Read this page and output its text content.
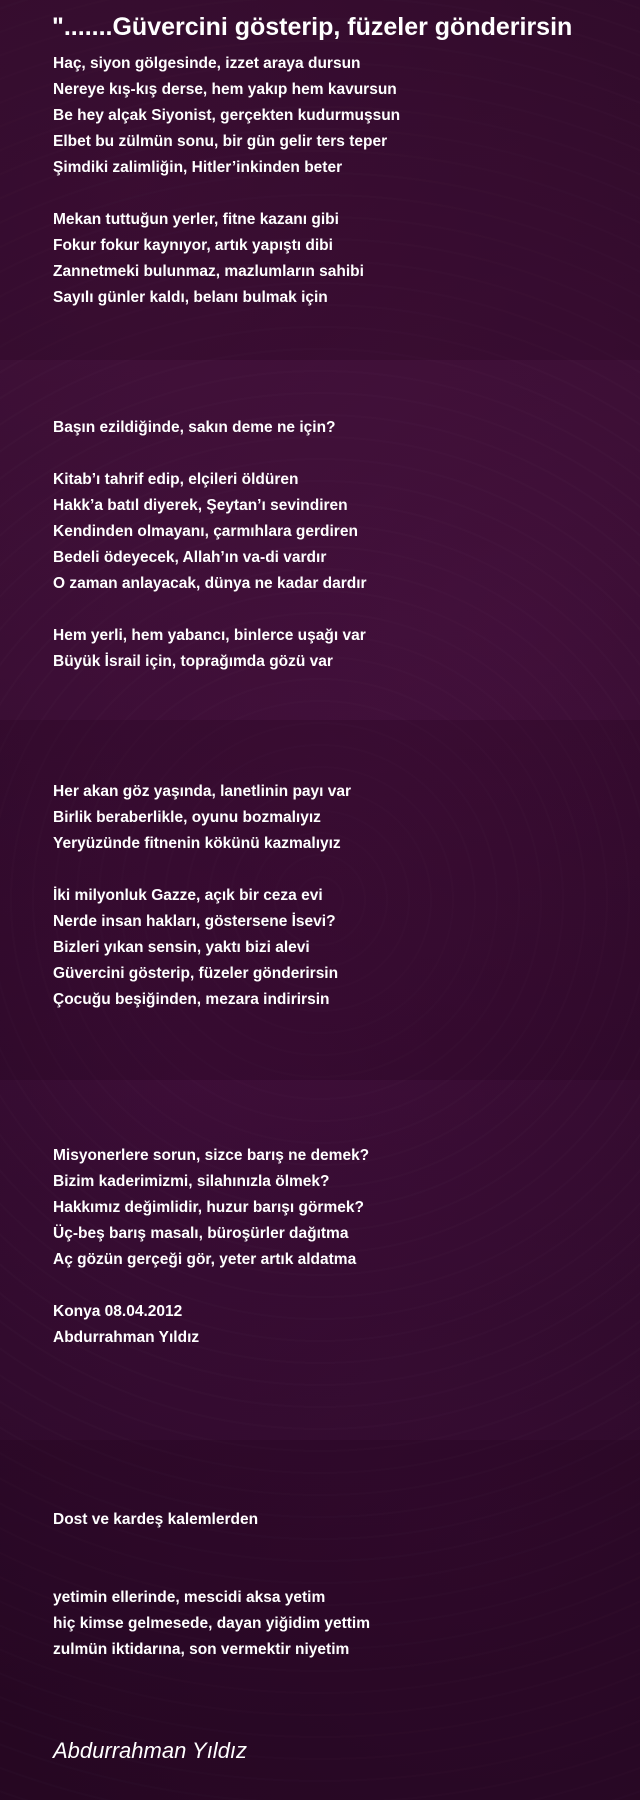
".......Güvercini gösterip, füzeler gönderirsin
Haç, siyon gölgesinde, izzet araya dursun
Nereye kış-kış derse, hem yakıp hem kavursun
Be hey alçak Siyonist, gerçekten kudurmuşsun
Elbet bu zülmün sonu, bir gün gelir ters teper
Şimdiki zalimliğin, Hitler’inkinden beter
Mekan tuttuğun yerler, fitne kazanı gibi
Fokur fokur kaynıyor, artık yapıştı dibi
Zannetmeki bulunmaz, mazlumların sahibi
Sayılı günler kaldı, belanı bulmak için
Başın ezildiğinde, sakın deme ne için?
Kitab’ı tahrif edip, elçileri öldüren
Hakk’a batıl diyerek, Şeytan’ı sevindiren
Kendinden olmayanı, çarmıhlara gerdiren
Bedeli ödeyecek, Allah’ın va-di vardır
O zaman anlayacak, dünya ne kadar dardır
Hem yerli, hem yabancı, binlerce uşağı var
Büyük İsrail için, toprağımda gözü var
Her akan göz yaşında, lanetlinin payı var
Birlik beraberlikle, oyunu bozmalıyız
Yeryüzünde fitnenin kökünü kazmalıyız
İki milyonluk Gazze, açık bir ceza evi
Nerde insan hakları, göstersene İsevi?
Bizleri yıkan sensin, yaktı bizi alevi
Güvercini gösterip, füzeler gönderirsin
Çocuğu beşiğinden, mezara indirirsin
Misyonerlere sorun, sizce barış ne demek?
Bizim kaderimizmi, silahınızla ölmek?
Hakkımız değimlidir, huzur barışı görmek?
Üç-beş barış masalı, büroşürler dağıtma
Aç gözün gerçeği gör, yeter artık aldatma
Konya 08.04.2012
Abdurrahman Yıldız
Dost ve kardeş kalemlerden
yetimin ellerinde, mescidi aksa yetim
hiç kimse gelmesede, dayan yiğidim yettim
zulmün iktidarına, son vermektir niyetim
Abdurrahman Yıldız
